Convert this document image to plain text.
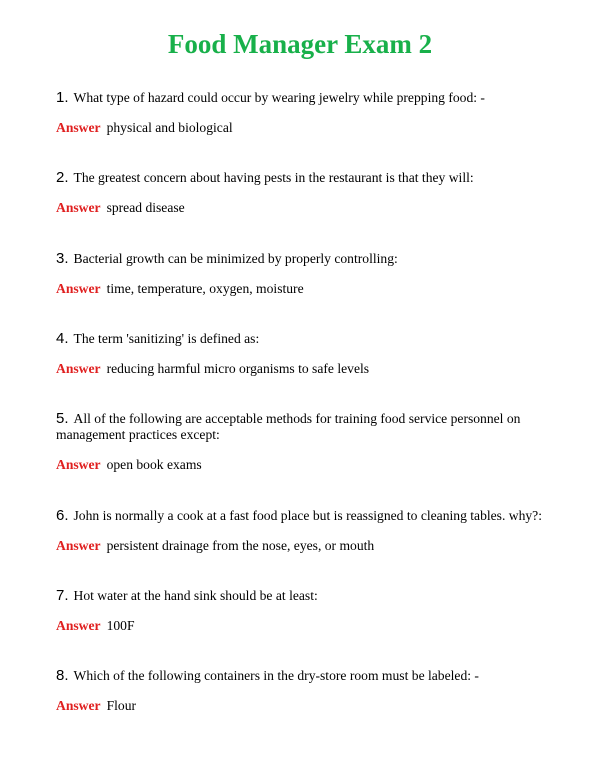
Food Manager Exam 2

1. What type of hazard could occur by wearing jewelry while prepping food: -

Answer physical and biological

2. The greatest concern about having pests in the restaurant is that they will:

Answer spread disease

3. Bacterial growth can be minimized by properly controlling:

Answer time, temperature, oxygen, moisture

4. The term 'sanitizing' is defined as:

Answer reducing harmful micro organisms to safe levels

5. All of the following are acceptable methods for training food service personnel on management practices except:

Answer open book exams

6. John is normally a cook at a fast food place but is reassigned to cleaning tables. why?:

Answer persistent drainage from the nose, eyes, or mouth

7. Hot water at the hand sink should be at least:

Answer 100F

8. Which of the following containers in the dry-store room must be labeled: -

Answer Flour
